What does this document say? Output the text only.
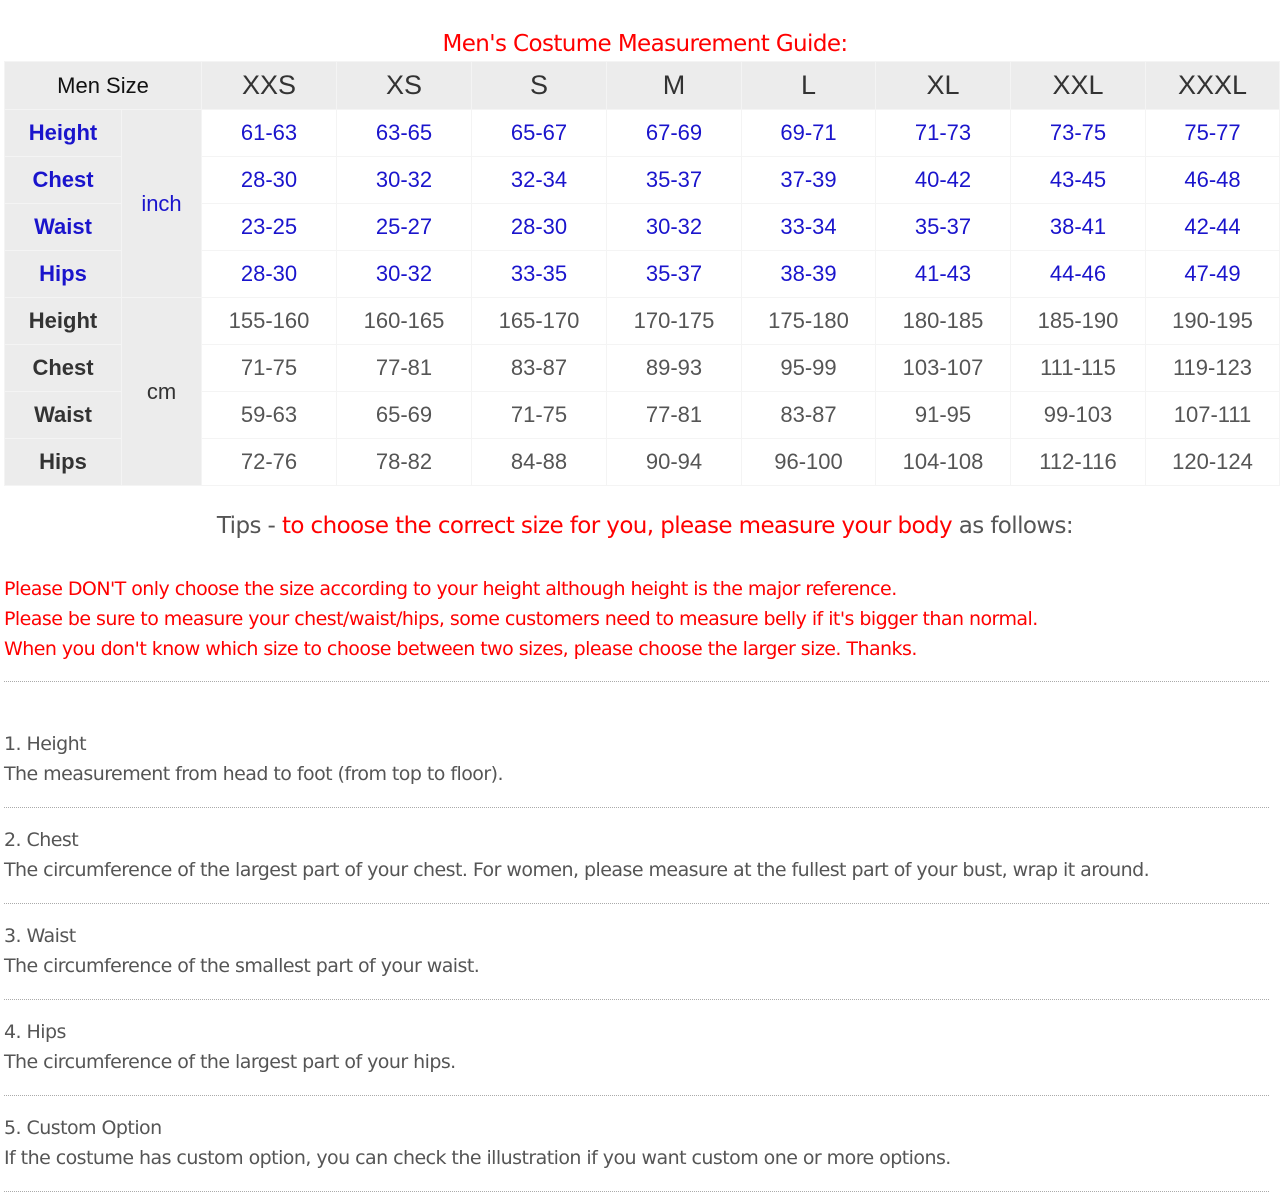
Men's Costume Measurement Guide:
Men Size		XXS	XS	S	M	L	XL	XXL	XXXL
Height	inch	61-63	63-65	65-67	67-69	69-71	71-73	73-75	75-77
Chest		28-30	30-32	32-34	35-37	37-39	40-42	43-45	46-48
Waist		23-25	25-27	28-30	30-32	33-34	35-37	38-41	42-44
Hips		28-30	30-32	33-35	35-37	38-39	41-43	44-46	47-49
Height	cm	155-160	160-165	165-170	170-175	175-180	180-185	185-190	190-195
Chest		71-75	77-81	83-87	89-93	95-99	103-107	111-115	119-123
Waist		59-63	65-69	71-75	77-81	83-87	91-95	99-103	107-111
Hips		72-76	78-82	84-88	90-94	96-100	104-108	112-116	120-124
Tips - to choose the correct size for you, please measure your body as follows:
Please DON'T only choose the size according to your height although height is the major reference.
Please be sure to measure your chest/waist/hips, some customers need to measure belly if it's bigger than normal.
When you don't know which size to choose between two sizes, please choose the larger size. Thanks.
1. Height
The measurement from head to foot (from top to floor).
2. Chest
The circumference of the largest part of your chest. For women, please measure at the fullest part of your bust, wrap it around.
3. Waist
The circumference of the smallest part of your waist.
4. Hips
The circumference of the largest part of your hips.
5. Custom Option
If the costume has custom option, you can check the illustration if you want custom one or more options.
